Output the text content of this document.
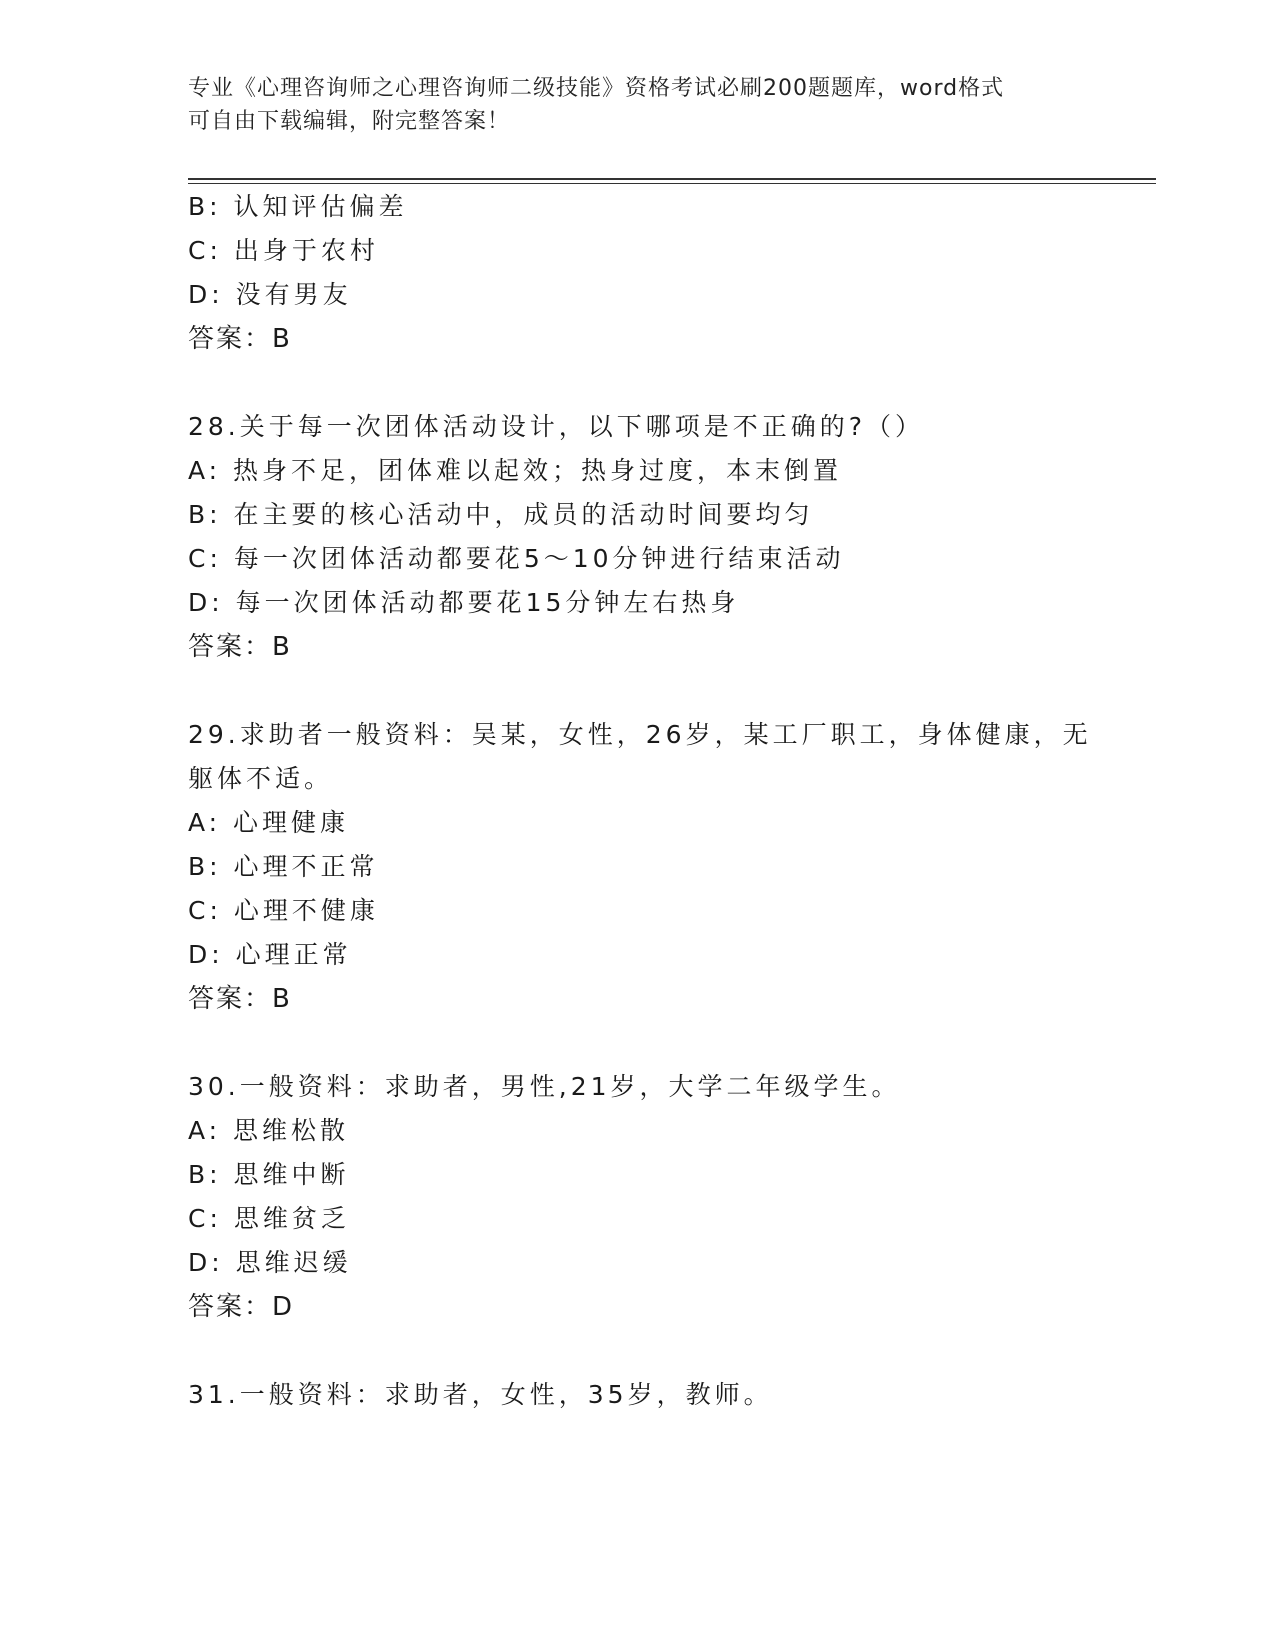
专业《心理咨询师之心理咨询师二级技能》资格考试必刷200题题库，word格式
可自由下载编辑，附完整答案！
B: 认知评估偏差
C: 出身于农村
D: 没有男友
答案：B
28.关于每一次团体活动设计，以下哪项是不正确的?（）
A: 热身不足，团体难以起效；热身过度，本末倒置
B: 在主要的核心活动中，成员的活动时间要均匀
C: 每一次团体活动都要花5～10分钟进行结束活动
D: 每一次团体活动都要花15分钟左右热身
答案：B
29.求助者一般资料：吴某，女性，26岁，某工厂职工，身体健康，无
躯体不适。
A: 心理健康
B: 心理不正常
C: 心理不健康
D: 心理正常
答案：B
30.一般资料：求助者，男性,21岁，大学二年级学生。
A: 思维松散
B: 思维中断
C: 思维贫乏
D: 思维迟缓
答案：D
31.一般资料：求助者，女性，35岁，教师。
